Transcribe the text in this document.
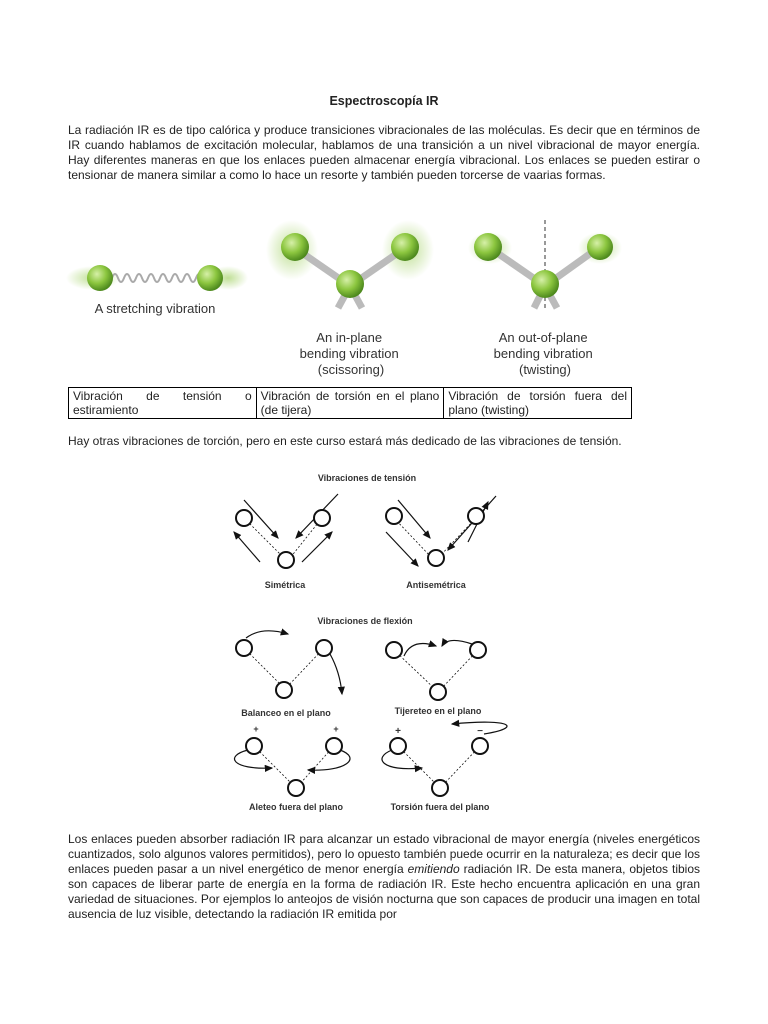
Espectroscopía IR
La radiación IR es de tipo calórica y produce transiciones vibracionales de las moléculas. Es decir que en términos de IR cuando hablamos de excitación molecular, hablamos de una transición a un nivel vibracional de mayor energía. Hay diferentes maneras en que los enlaces pueden almacenar energía vibracional. Los enlaces se pueden estirar o tensionar de manera similar a como lo hace un resorte y también pueden torcerse de vaarias formas.
A stretching vibration
An in-plane bending vibration (scissoring)
An out-of-plane bending vibration (twisting)
Vibración de tensión o estiramiento	Vibración de torsión en el plano (de tijera)	Vibración de torsión fuera del plano (twisting)
Hay otras vibraciones de torción, pero en este curso estará más dedicado de las vibraciones de tensión.
Vibraciones de tensión
Simétrica	Antisemétrica
Vibraciones de flexión
Balanceo en el plano	Tijereteo en el plano
+	+
Aleteo fuera del plano
+	−
Torsión fuera del plano
Los enlaces pueden absorber radiación IR para alcanzar un estado vibracional de mayor energía (niveles energéticos cuantizados, solo algunos valores permitidos), pero lo opuesto también puede ocurrir en la naturaleza; es decir que los enlaces pueden pasar a un nivel energético de menor energía emitiendo radiación IR. De esta manera, objetos tibios son capaces de liberar parte de energía en la forma de radiación IR. Este hecho encuentra aplicación en una gran variedad de situaciones. Por ejemplos lo anteojos de visión nocturna que son capaces de producir una imagen en total ausencia de luz visible, detectando la radiación IR emitida por
